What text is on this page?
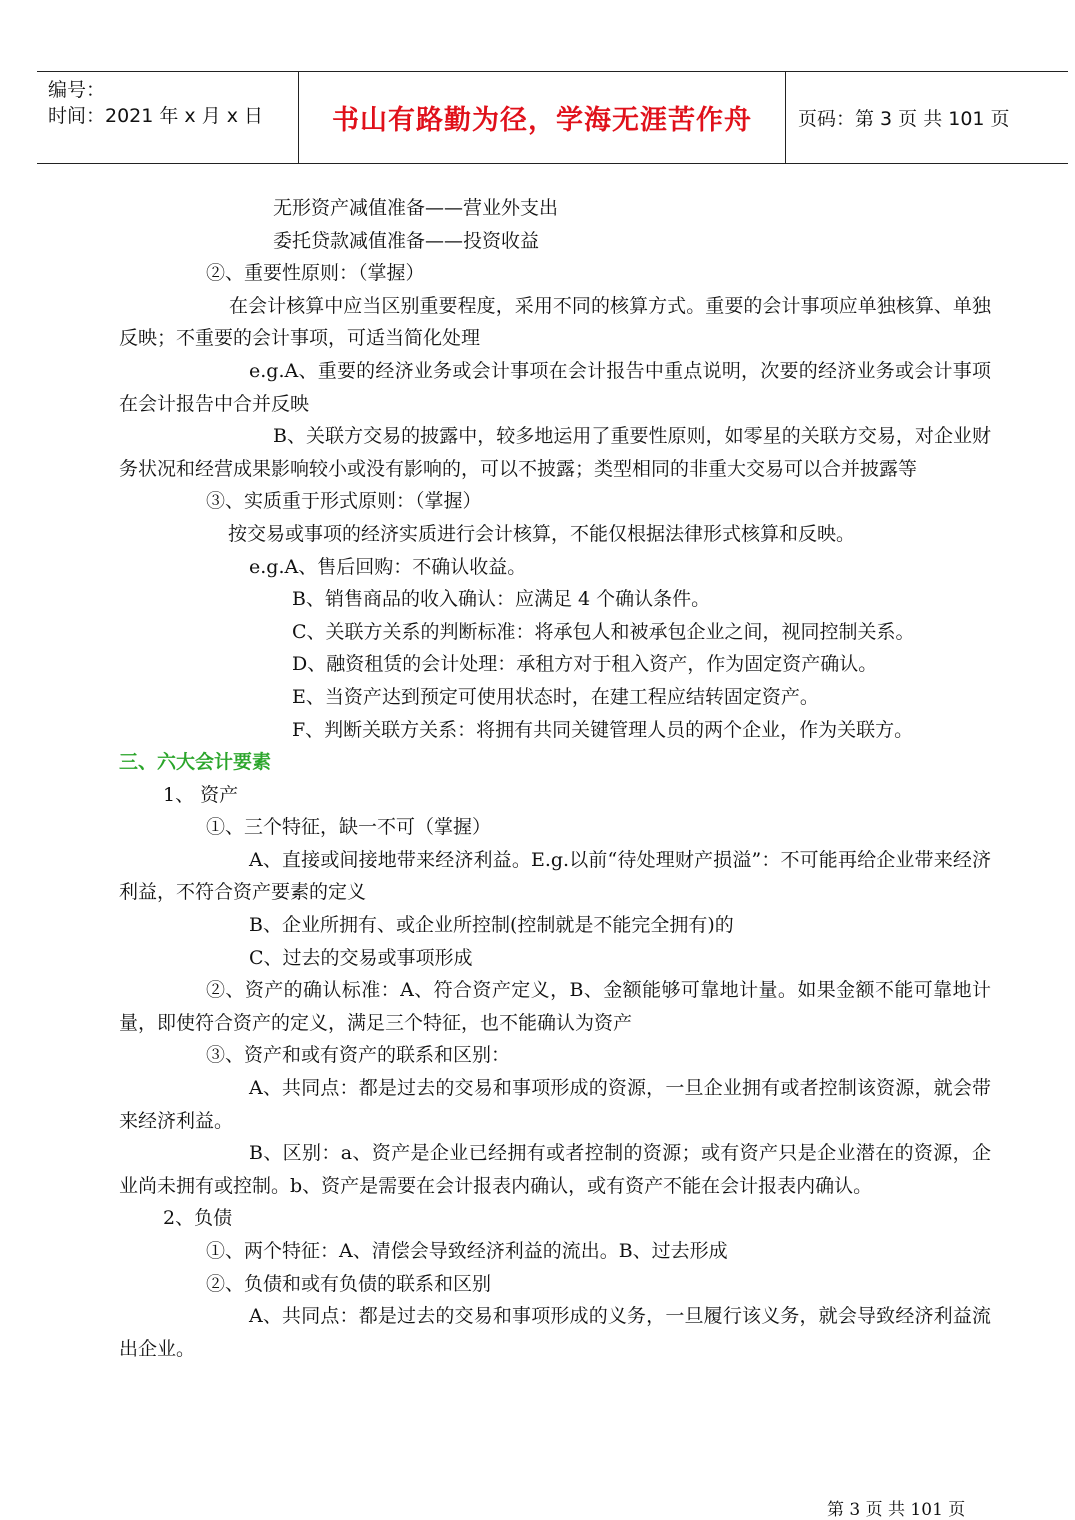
编号：
时间：2021 年 x 月 x 日	书山有路勤为径，学海无涯苦作舟	页码：第 3 页 共 101 页

无形资产减值准备——营业外支出

委托贷款减值准备——投资收益

②、重要性原则：（掌握）

在会计核算中应当区别重要程度，采用不同的核算方式。重要的会计事项应单独核算、单独反映；不重要的会计事项，可适当简化处理

e.g.A、重要的经济业务或会计事项在会计报告中重点说明，次要的经济业务或会计事项在会计报告中合并反映

B、关联方交易的披露中，较多地运用了重要性原则，如零星的关联方交易，对企业财务状况和经营成果影响较小或没有影响的，可以不披露；类型相同的非重大交易可以合并披露等

③、实质重于形式原则：（掌握）

按交易或事项的经济实质进行会计核算，不能仅根据法律形式核算和反映。

e.g.A、售后回购：不确认收益。

B、销售商品的收入确认：应满足 4 个确认条件。

C、关联方关系的判断标准：将承包人和被承包企业之间，视同控制关系。

D、融资租赁的会计处理：承租方对于租入资产，作为固定资产确认。

E、当资产达到预定可使用状态时，在建工程应结转固定资产。

F、判断关联方关系：将拥有共同关键管理人员的两个企业，作为关联方。

三、六大会计要素

1、 资产

①、三个特征，缺一不可（掌握）

A、直接或间接地带来经济利益。E.g.以前“待处理财产损溢”：不可能再给企业带来经济利益，不符合资产要素的定义

B、企业所拥有、或企业所控制(控制就是不能完全拥有)的

C、过去的交易或事项形成

②、资产的确认标准：A、符合资产定义，B、金额能够可靠地计量。如果金额不能可靠地计量，即使符合资产的定义，满足三个特征，也不能确认为资产

③、资产和或有资产的联系和区别：

A、共同点：都是过去的交易和事项形成的资源，一旦企业拥有或者控制该资源，就会带来经济利益。

B、区别：a、资产是企业已经拥有或者控制的资源；或有资产只是企业潜在的资源，企业尚未拥有或控制。b、资产是需要在会计报表内确认，或有资产不能在会计报表内确认。

2、负债

①、两个特征：A、清偿会导致经济利益的流出。B、过去形成

②、负债和或有负债的联系和区别

A、共同点：都是过去的交易和事项形成的义务，一旦履行该义务，就会导致经济利益流出企业。

第 3 页 共 101 页
